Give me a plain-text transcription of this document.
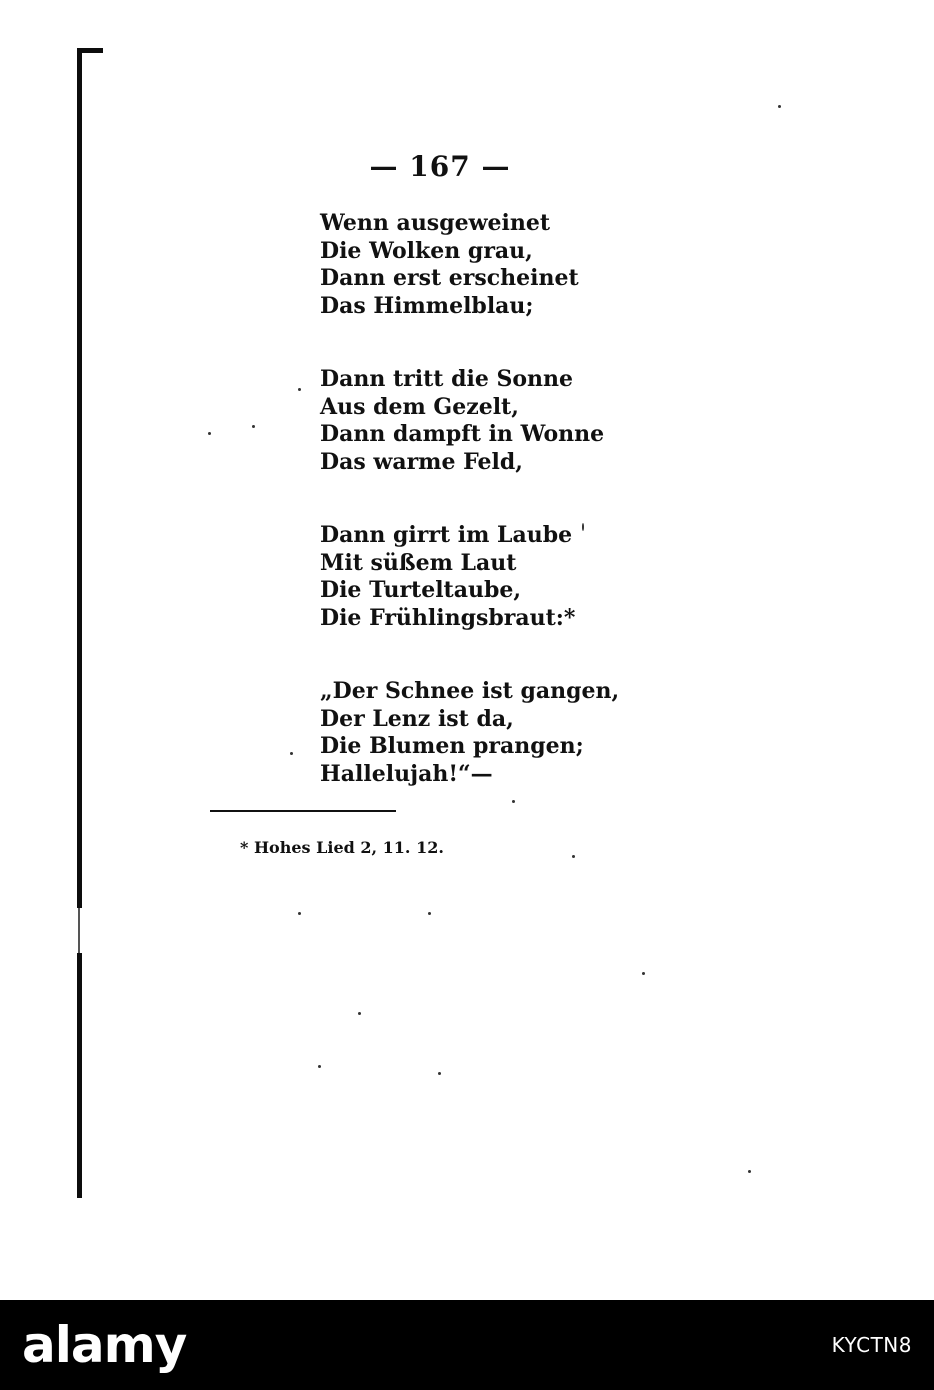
— 167 —
Wenn ausgeweinet
Die Wolken grau,
Dann erst erscheinet
Das Himmelblau;
Dann tritt die Sonne
Aus dem Gezelt,
Dann dampft in Wonne
Das warme Feld,
Dann girrt im Laube
Mit süßem Laut
Die Turteltaube,
Die Frühlingsbraut:*
„Der Schnee ist gangen,
Der Lenz ist da,
Die Blumen prangen;
Hallelujah!“—
* Hohes Lied 2, 11. 12.
alamy	KYCTN8
